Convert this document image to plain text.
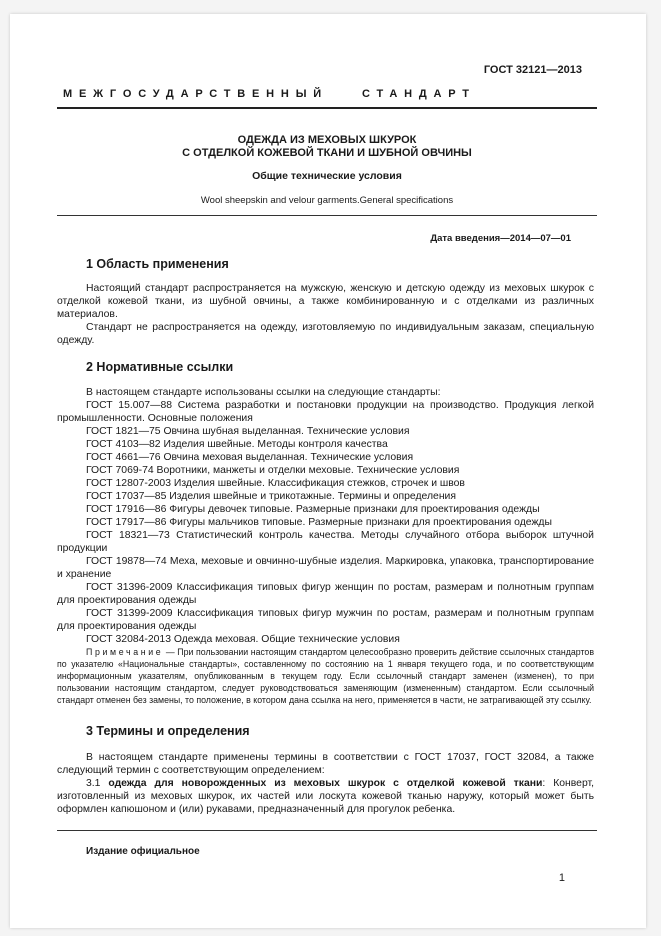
ГОСТ 32121—2013
МЕЖГОСУДАРСТВЕННЫЙ	СТАНДАРТ
ОДЕЖДА ИЗ МЕХОВЫХ ШКУРОК
С ОТДЕЛКОЙ КОЖЕВОЙ ТКАНИ И ШУБНОЙ ОВЧИНЫ
Общие технические условия
Wool sheepskin and velour garments.General specifications
Дата введения—2014—07—01
1 Область применения

Настоящий стандарт распространяется на мужскую, женскую и детскую одежду из меховых шкурок с отделкой кожевой ткани, из шубной овчины, а также комбинированную и с отделками из различных материалов.

Стандарт не распространяется на одежду, изготовляемую по индивидуальным заказам, специальную одежду.

2 Нормативные ссылки

В настоящем стандарте использованы ссылки на следующие стандарты:

ГОСТ 15.007—88 Система разработки и постановки продукции на производство. Продукция легкой промышленности. Основные положения

ГОСТ 1821—75 Овчина шубная выделанная. Технические условия

ГОСТ 4103—82 Изделия швейные. Методы контроля качества

ГОСТ 4661—76 Овчина меховая выделанная. Технические условия

ГОСТ 7069-74 Воротники, манжеты и отделки меховые. Технические условия

ГОСТ 12807-2003 Изделия швейные. Классификация стежков, строчек и швов

ГОСТ 17037—85 Изделия швейные и трикотажные. Термины и определения

ГОСТ 17916—86 Фигуры девочек типовые. Размерные признаки для проектирования одежды

ГОСТ 17917—86 Фигуры мальчиков типовые. Размерные признаки для проектирования одежды

ГОСТ 18321—73 Статистический контроль качества. Методы случайного отбора выборок штучной продукции

ГОСТ 19878—74 Меха, меховые и овчинно-шубные изделия. Маркировка, упаковка, транспортирование и хранение

ГОСТ 31396-2009 Классификация типовых фигур женщин по ростам, размерам и полнотным группам для проектирования одежды

ГОСТ 31399-2009 Классификация типовых фигур мужчин по ростам, размерам и полнотным группам для проектирования одежды

ГОСТ 32084-2013 Одежда меховая. Общие технические условия

Примечание — При пользовании настоящим стандартом целесообразно проверить действие ссылочных стандартов по указателю «Национальные стандарты», составленному по состоянию на 1 января текущего года, и по соответствующим информационным указателям, опубликованным в текущем году. Если ссылочный стандарт заменен (изменен), то при пользовании настоящим стандартом, следует руководствоваться заменяющим (измененным) стандартом. Если ссылочный стандарт отменен без замены, то положение, в котором дана ссылка на него, применяется в части, не затрагивающей эту ссылку.

3 Термины и определения

В настоящем стандарте применены термины в соответствии с ГОСТ 17037, ГОСТ 32084, а также следующий термин с соответствующим определением:

3.1 одежда для новорожденных из меховых шкурок с отделкой кожевой ткани: Конверт, изготовленный из меховых шкурок, их частей или лоскута кожевой тканью наружу, который может быть оформлен капюшоном и (или) рукавами, предназначенный для прогулок ребенка.

Издание официальное
1
